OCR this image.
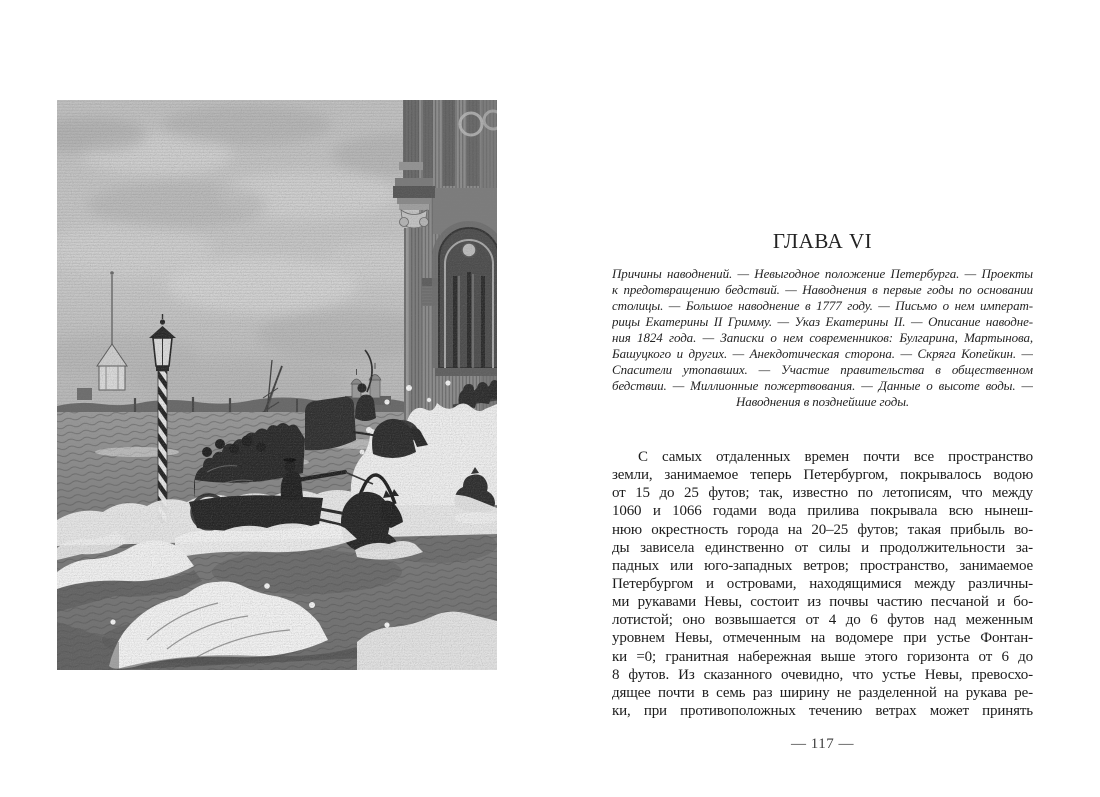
ГЛАВА VI
Причины наводнений. — Невыгодное положение Петербурга. — Проекты
к предотвращению бедствий. — Наводнения в первые годы по основании
столицы. — Большое наводнение в 1777 году. — Письмо о нем императ-
рицы Екатерины II Гримму. — Указ Екатерины II. — Описание наводне-
ния 1824 года. — Записки о нем современников: Булгарина, Мартынова,
Башуцкого и других. — Анекдотическая сторона. — Скряга Копейкин. —
Спасители утопавших. — Участие правительства в общественном
бедствии. — Миллионные пожертвования. — Данные о высоте воды. —
Наводнения в позднейшие годы.
С самых отдаленных времен почти все пространство
земли, занимаемое теперь Петербургом, покрывалось водою
от 15 до 25 футов; так, известно по летописям, что между
1060 и 1066 годами вода прилива покрывала всю нынеш-
нюю окрестность города на 20–25 футов; такая прибыль во-
ды зависела единственно от силы и продолжительности за-
падных или юго-западных ветров; пространство, занимаемое
Петербургом и островами, находящимися между различны-
ми рукавами Невы, состоит из почвы частию песчаной и бо-
лотистой; оно возвышается от 4 до 6 футов над меженным
уровнем Невы, отмеченным на водомере при устье Фонтан-
ки =0; гранитная набережная выше этого горизонта от 6 до
8 футов. Из сказанного очевидно, что устье Невы, превосхо-
дящее почти в семь раз ширину не разделенной на рукава ре-
ки, при противоположных течению ветрах может принять
— 117 —
